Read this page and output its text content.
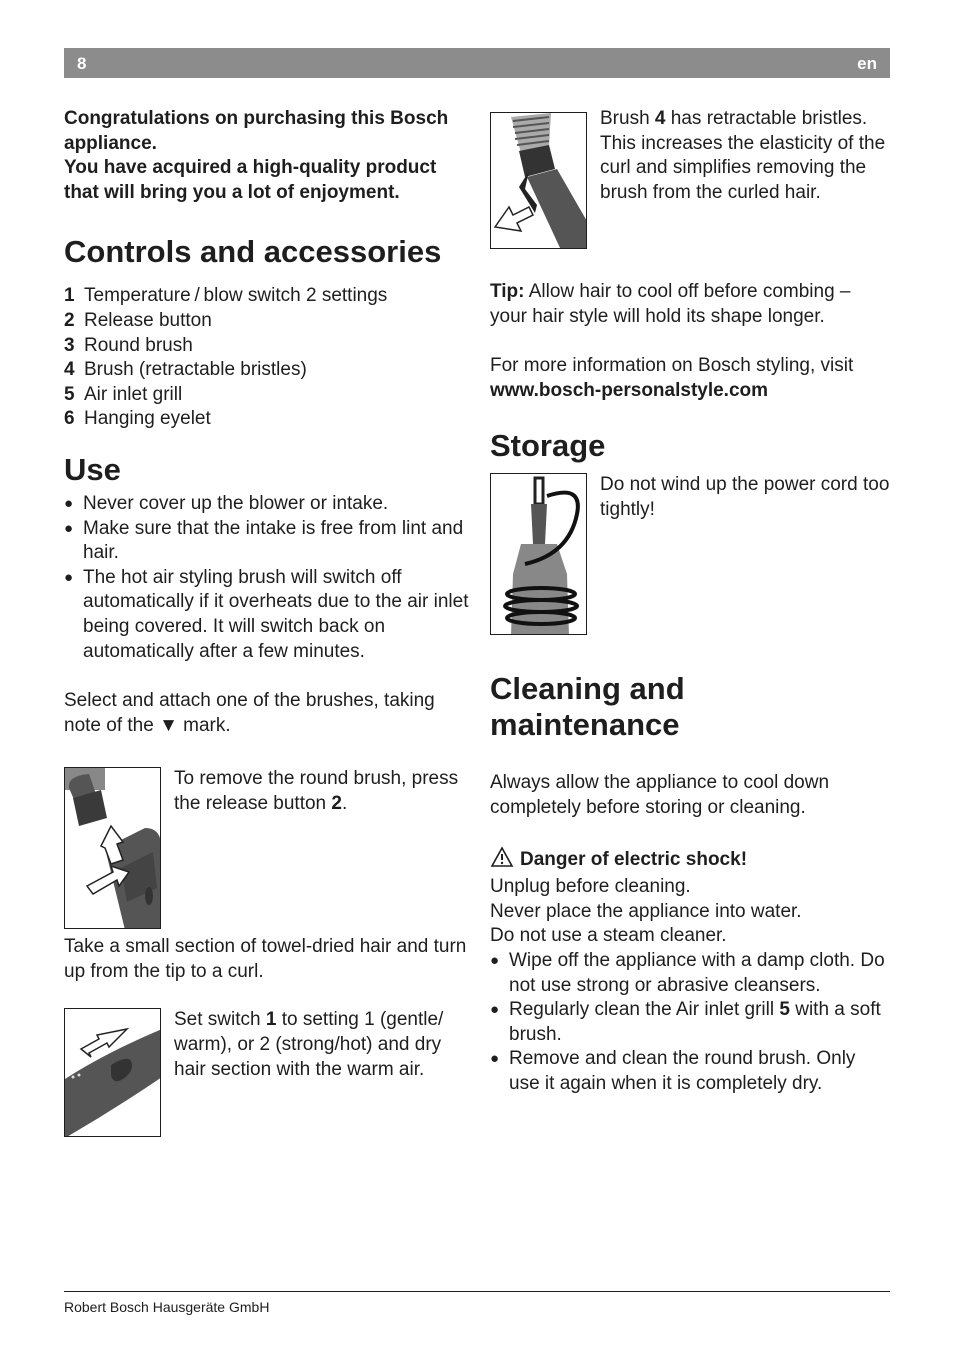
8	en

Congratulations on purchasing this Bosch appliance.

You have acquired a high-quality product that will bring you a lot of enjoyment.

Controls and accessories
1 Temperature / blow switch 2 settings
2 Release button
3 Round brush
4 Brush (retractable bristles)
5 Air inlet grill
6 Hanging eyelet
Use
● Never cover up the blower or intake.
● Make sure that the intake is free from lint and hair.
● The hot air styling brush will switch off automatically if it overheats due to the air inlet being covered. It will switch back on automatically after a few minutes.

Select and attach one of the brushes, taking note of the ▼ mark.

To remove the round brush, press the release button 2.

Take a small section of towel-dried hair and turn up from the tip to a curl.

Set switch 1 to setting 1 (gentle/ warm), or 2 (strong/hot) and dry hair section with the warm air.

Brush 4 has retractable bristles. This increases the elasticity of the curl and simplifies removing the brush from the curled hair.

Tip: Allow hair to cool off before combing – your hair style will hold its shape longer.

For more information on Bosch styling, visit

www.bosch-personalstyle.com

Storage

Do not wind up the power cord too tightly!

Cleaning and maintenance

Always allow the appliance to cool down completely before storing or cleaning.

Danger of electric shock!

Unplug before cleaning.

Never place the appliance into water.

Do not use a steam cleaner.

● Wipe off the appliance with a damp cloth. Do not use strong or abrasive cleansers.
● Regularly clean the Air inlet grill 5 with a soft brush.
● Remove and clean the round brush. Only use it again when it is completely dry.
Robert Bosch Hausgeräte GmbH
